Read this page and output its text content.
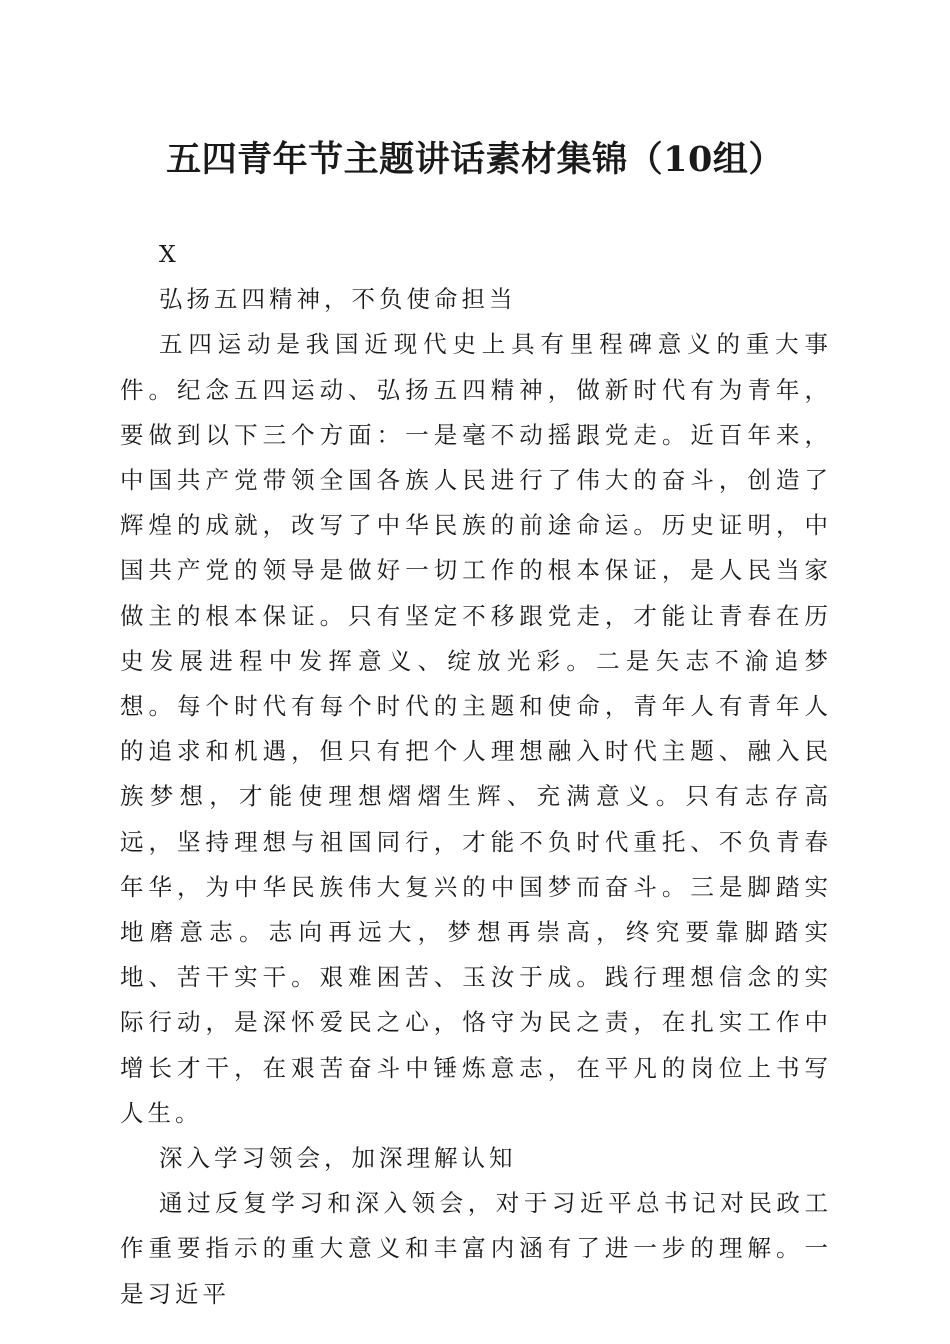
五四青年节主题讲话素材集锦（10组）

X

弘扬五四精神，不负使命担当

五四运动是我国近现代史上具有里程碑意义的重大事件。纪念五四运动、弘扬五四精神，做新时代有为青年，要做到以下三个方面：一是毫不动摇跟党走。近百年来，中国共产党带领全国各族人民进行了伟大的奋斗，创造了辉煌的成就，改写了中华民族的前途命运。历史证明，中国共产党的领导是做好一切工作的根本保证，是人民当家做主的根本保证。只有坚定不移跟党走，才能让青春在历史发展进程中发挥意义、绽放光彩。二是矢志不渝追梦想。每个时代有每个时代的主题和使命，青年人有青年人的追求和机遇，但只有把个人理想融入时代主题、融入民族梦想，才能使理想熠熠生辉、充满意义。只有志存高远，坚持理想与祖国同行，才能不负时代重托、不负青春年华，为中华民族伟大复兴的中国梦而奋斗。三是脚踏实地磨意志。志向再远大，梦想再崇高，终究要靠脚踏实地、苦干实干。艰难困苦、玉汝于成。践行理想信念的实际行动，是深怀爱民之心，恪守为民之责，在扎实工作中增长才干，在艰苦奋斗中锤炼意志，在平凡的岗位上书写人生。

深入学习领会，加深理解认知

通过反复学习和深入领会，对于习近平总书记对民政工作重要指示的重大意义和丰富内涵有了进一步的理解。一是习近平
